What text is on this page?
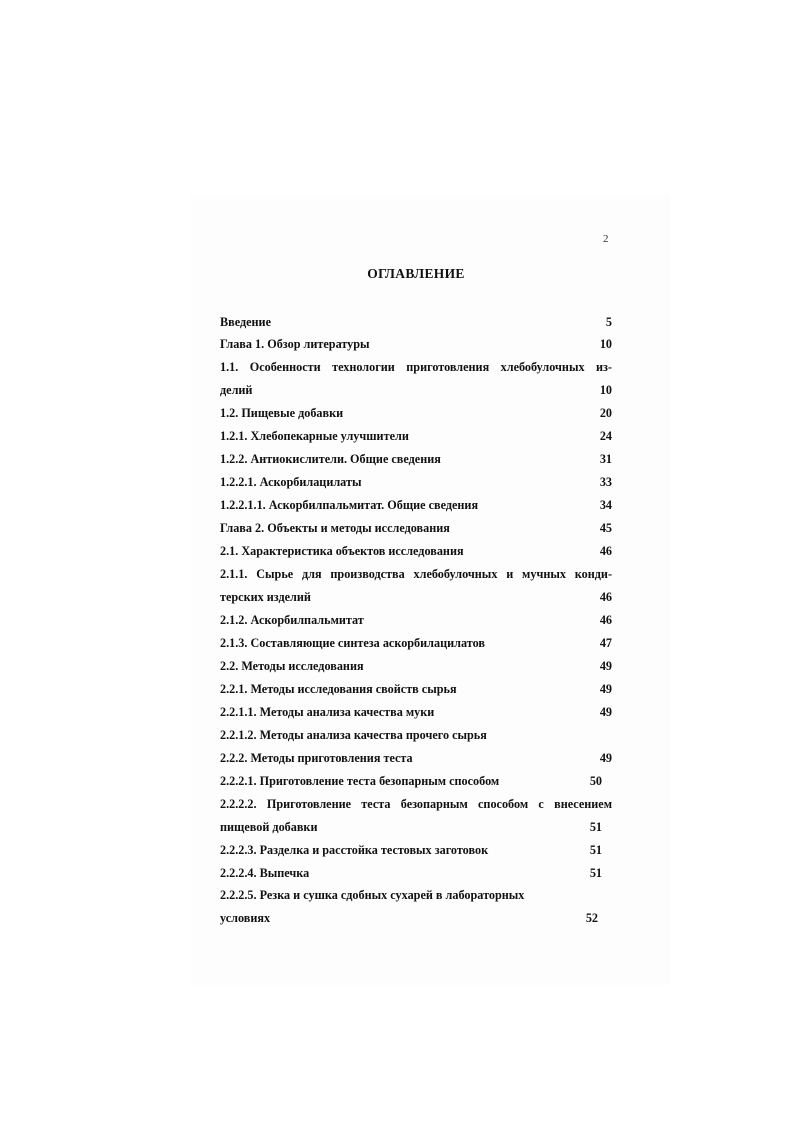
2
ОГЛАВЛЕНИЕ
Введение	5
Глава 1. Обзор литературы	10
1.1. Особенности технологии приготовления хлебобулочных из-
делий	10
1.2. Пищевые добавки	20
1.2.1. Хлебопекарные улучшители	24
1.2.2. Антиокислители. Общие сведения	31
1.2.2.1. Аскорбилацилаты	33
1.2.2.1.1. Аскорбилпальмитат. Общие сведения	34
Глава 2. Объекты и методы исследования	45
2.1. Характеристика объектов исследования	46
2.1.1. Сырье для производства хлебобулочных и мучных конди-
терских изделий	46
2.1.2. Аскорбилпальмитат	46
2.1.3. Составляющие синтеза аскорбилацилатов	47
2.2. Методы исследования	49
2.2.1. Методы исследования свойств сырья	49
2.2.1.1. Методы анализа качества муки	49
2.2.1.2. Методы анализа качества прочего сырья
2.2.2. Методы приготовления теста	49
2.2.2.1. Приготовление теста безопарным способом	50
2.2.2.2. Приготовление теста безопарным способом с внесением
пищевой добавки	51
2.2.2.3. Разделка и расстойка тестовых заготовок	51
2.2.2.4. Выпечка	51
2.2.2.5. Резка и сушка сдобных сухарей в лабораторных
условиях	52
